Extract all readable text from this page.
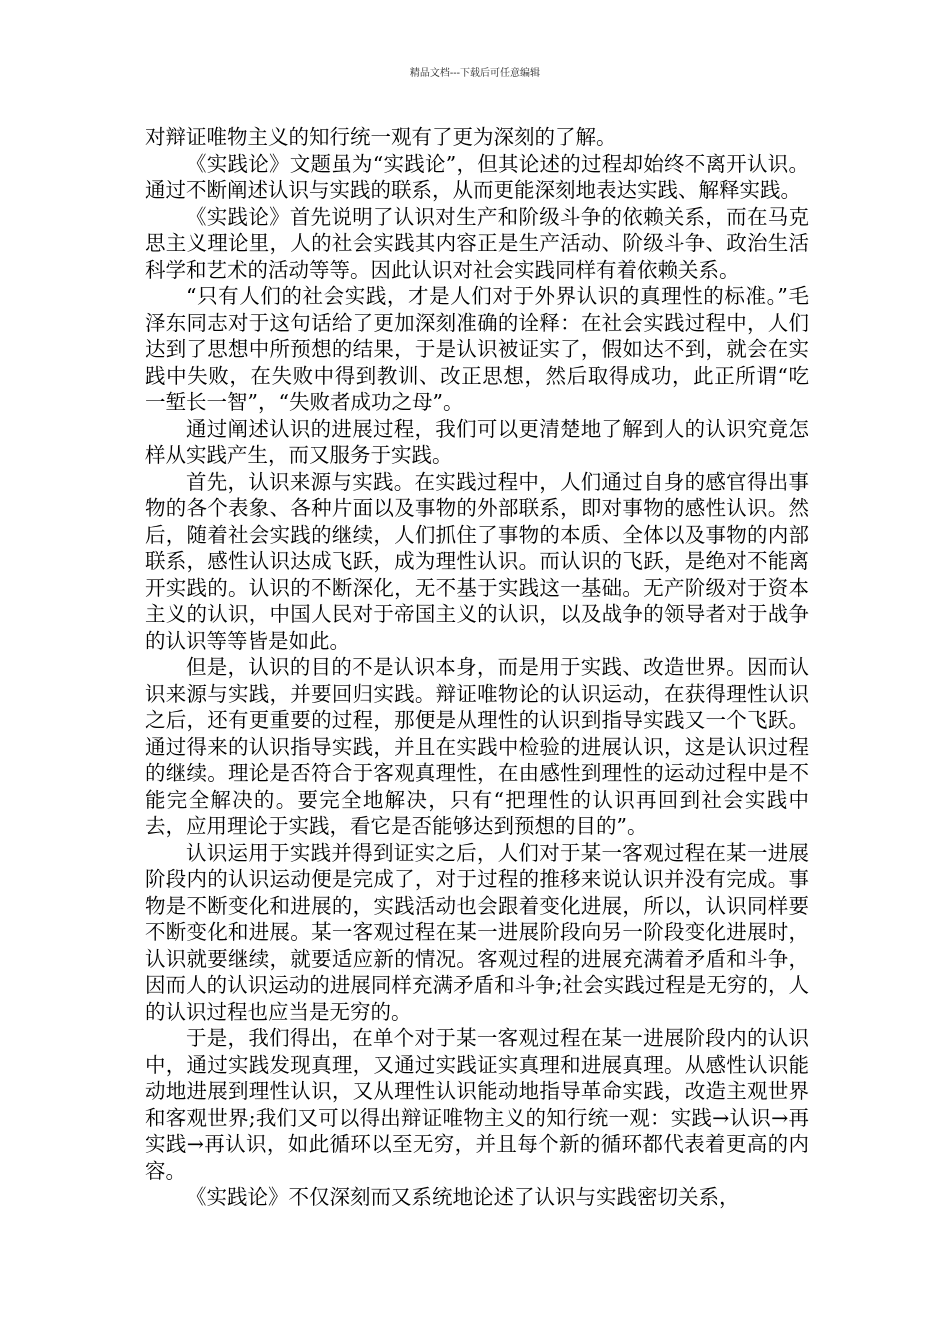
精品文档---下载后可任意编辑

对辩证唯物主义的知行统一观有了更为深刻的了解。

《实践论》文题虽为“实践论”，但其论述的过程却始终不离开认识。通过不断阐述认识与实践的联系，从而更能深刻地表达实践、解释实践。

《实践论》首先说明了认识对生产和阶级斗争的依赖关系，而在马克思主义理论里，人的社会实践其内容正是生产活动、阶级斗争、政治生活科学和艺术的活动等等。因此认识对社会实践同样有着依赖关系。

“只有人们的社会实践，才是人们对于外界认识的真理性的标准。”毛泽东同志对于这句话给了更加深刻准确的诠释：在社会实践过程中，人们达到了思想中所预想的结果，于是认识被证实了，假如达不到，就会在实践中失败，在失败中得到教训、改正思想，然后取得成功，此正所谓“吃一堑长一智”，“失败者成功之母”。

通过阐述认识的进展过程，我们可以更清楚地了解到人的认识究竟怎样从实践产生，而又服务于实践。

首先，认识来源与实践。在实践过程中，人们通过自身的感官得出事物的各个表象、各种片面以及事物的外部联系，即对事物的感性认识。然后，随着社会实践的继续，人们抓住了事物的本质、全体以及事物的内部联系，感性认识达成飞跃，成为理性认识。而认识的飞跃，是绝对不能离开实践的。认识的不断深化，无不基于实践这一基础。无产阶级对于资本主义的认识，中国人民对于帝国主义的认识，以及战争的领导者对于战争的认识等等皆是如此。

但是，认识的目的不是认识本身，而是用于实践、改造世界。因而认识来源与实践，并要回归实践。辩证唯物论的认识运动，在获得理性认识之后，还有更重要的过程，那便是从理性的认识到指导实践又一个飞跃。通过得来的认识指导实践，并且在实践中检验的进展认识，这是认识过程的继续。理论是否符合于客观真理性，在由感性到理性的运动过程中是不能完全解决的。要完全地解决，只有“把理性的认识再回到社会实践中去，应用理论于实践，看它是否能够达到预想的目的”。

认识运用于实践并得到证实之后，人们对于某一客观过程在某一进展阶段内的认识运动便是完成了，对于过程的推移来说认识并没有完成。事物是不断变化和进展的，实践活动也会跟着变化进展，所以，认识同样要不断变化和进展。某一客观过程在某一进展阶段向另一阶段变化进展时，认识就要继续，就要适应新的情况。客观过程的进展充满着矛盾和斗争，因而人的认识运动的进展同样充满矛盾和斗争;社会实践过程是无穷的，人的认识过程也应当是无穷的。

于是，我们得出，在单个对于某一客观过程在某一进展阶段内的认识中，通过实践发现真理，又通过实践证实真理和进展真理。从感性认识能动地进展到理性认识，又从理性认识能动地指导革命实践，改造主观世界和客观世界;我们又可以得出辩证唯物主义的知行统一观：实践→认识→再实践→再认识，如此循环以至无穷，并且每个新的循环都代表着更高的内容。

《实践论》不仅深刻而又系统地论述了认识与实践密切关系，
